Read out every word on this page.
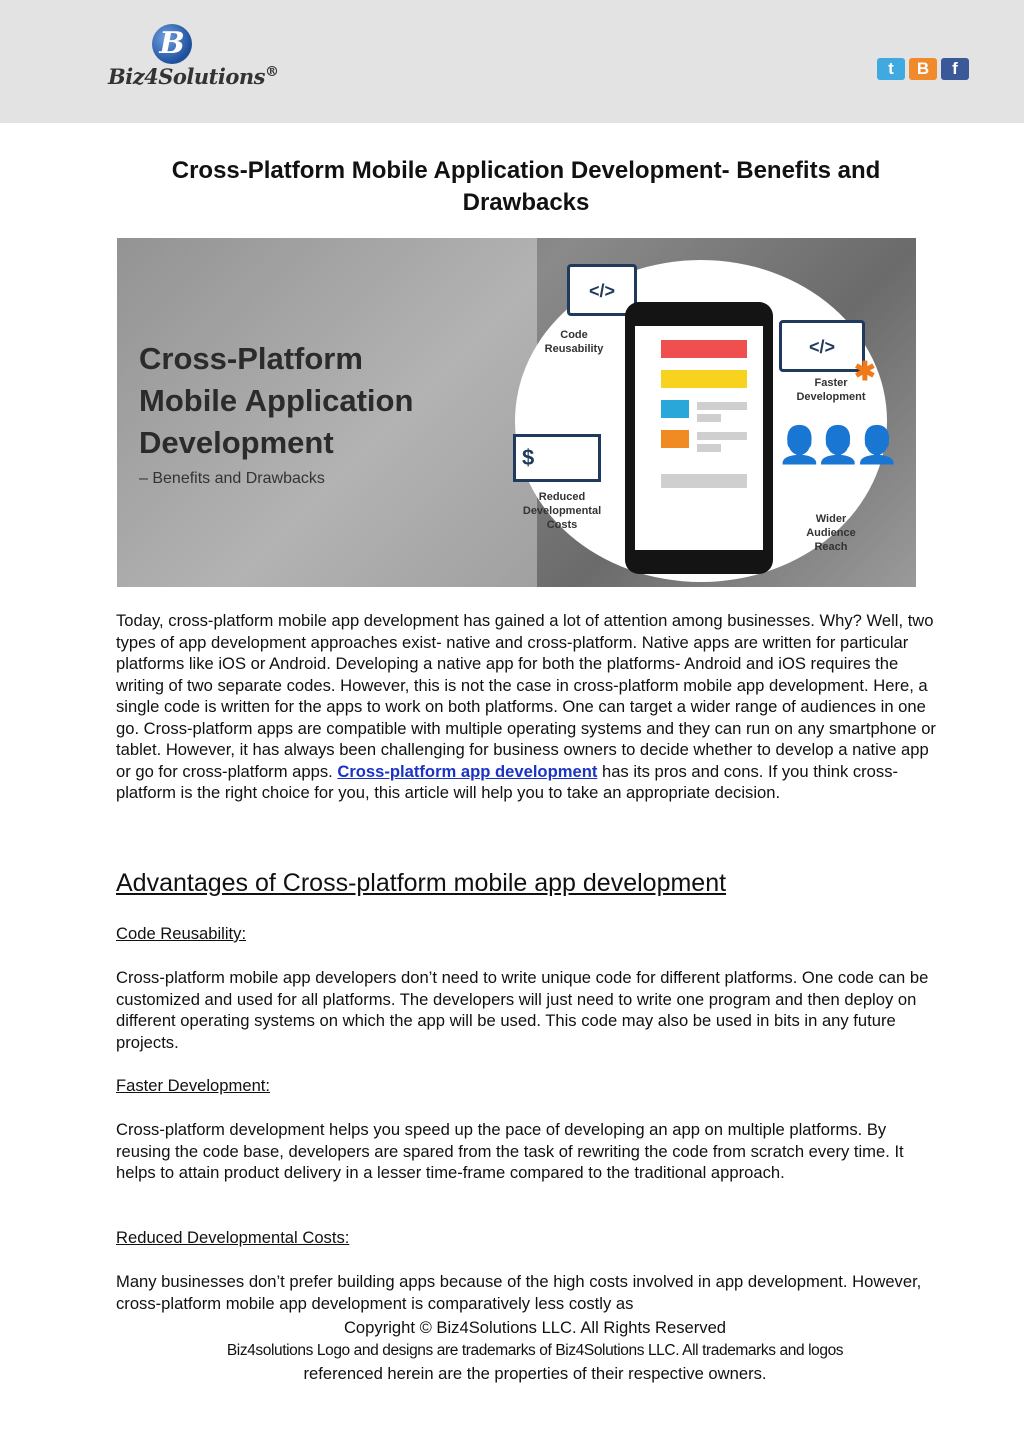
B
Biz4Solutions®	t	B	f
Cross-Platform Mobile Application Development- Benefits and
Drawbacks
Cross-Platform
Mobile Application
Development
– Benefits and Drawbacks
</>
Code
Reusability	</>
✱
Faster
Development
$
Reduced
Developmental
Costs
👤👤👤
Wider
Audience
Reach

Today, cross-platform mobile app development has gained a lot of attention among businesses. Why? Well, two types of app development approaches exist- native and cross-platform. Native apps are written for particular platforms like iOS or Android. Developing a native app for both the platforms- Android and iOS requires the writing of two separate codes. However, this is not the case in cross-platform mobile app development. Here, a single code is written for the apps to work on both platforms. One can target a wider range of audiences in one go. Cross-platform apps are compatible with multiple operating systems and they can run on any smartphone or tablet. However, it has always been challenging for business owners to decide whether to develop a native app or go for cross-platform apps. Cross-platform app development has its pros and cons. If you think cross-platform is the right choice for you, this article will help you to take an appropriate decision.

Advantages of Cross-platform mobile app development

Code Reusability:

Cross-platform mobile app developers don’t need to write unique code for different platforms. One code can be customized and used for all platforms. The developers will just need to write one program and then deploy on different operating systems on which the app will be used. This code may also be used in bits in any future projects.

Faster Development:

Cross-platform development helps you speed up the pace of developing an app on multiple platforms. By reusing the code base, developers are spared from the task of rewriting the code from scratch every time. It helps to attain product delivery in a lesser time-frame compared to the traditional approach.

Reduced Developmental Costs:

Many businesses don’t prefer building apps because of the high costs involved in app development. However, cross-platform mobile app development is comparatively less costly as

Copyright © Biz4Solutions LLC. All Rights Reserved
Biz4solutions Logo and designs are trademarks of Biz4Solutions LLC. All trademarks and logos
referenced herein are the properties of their respective owners.
